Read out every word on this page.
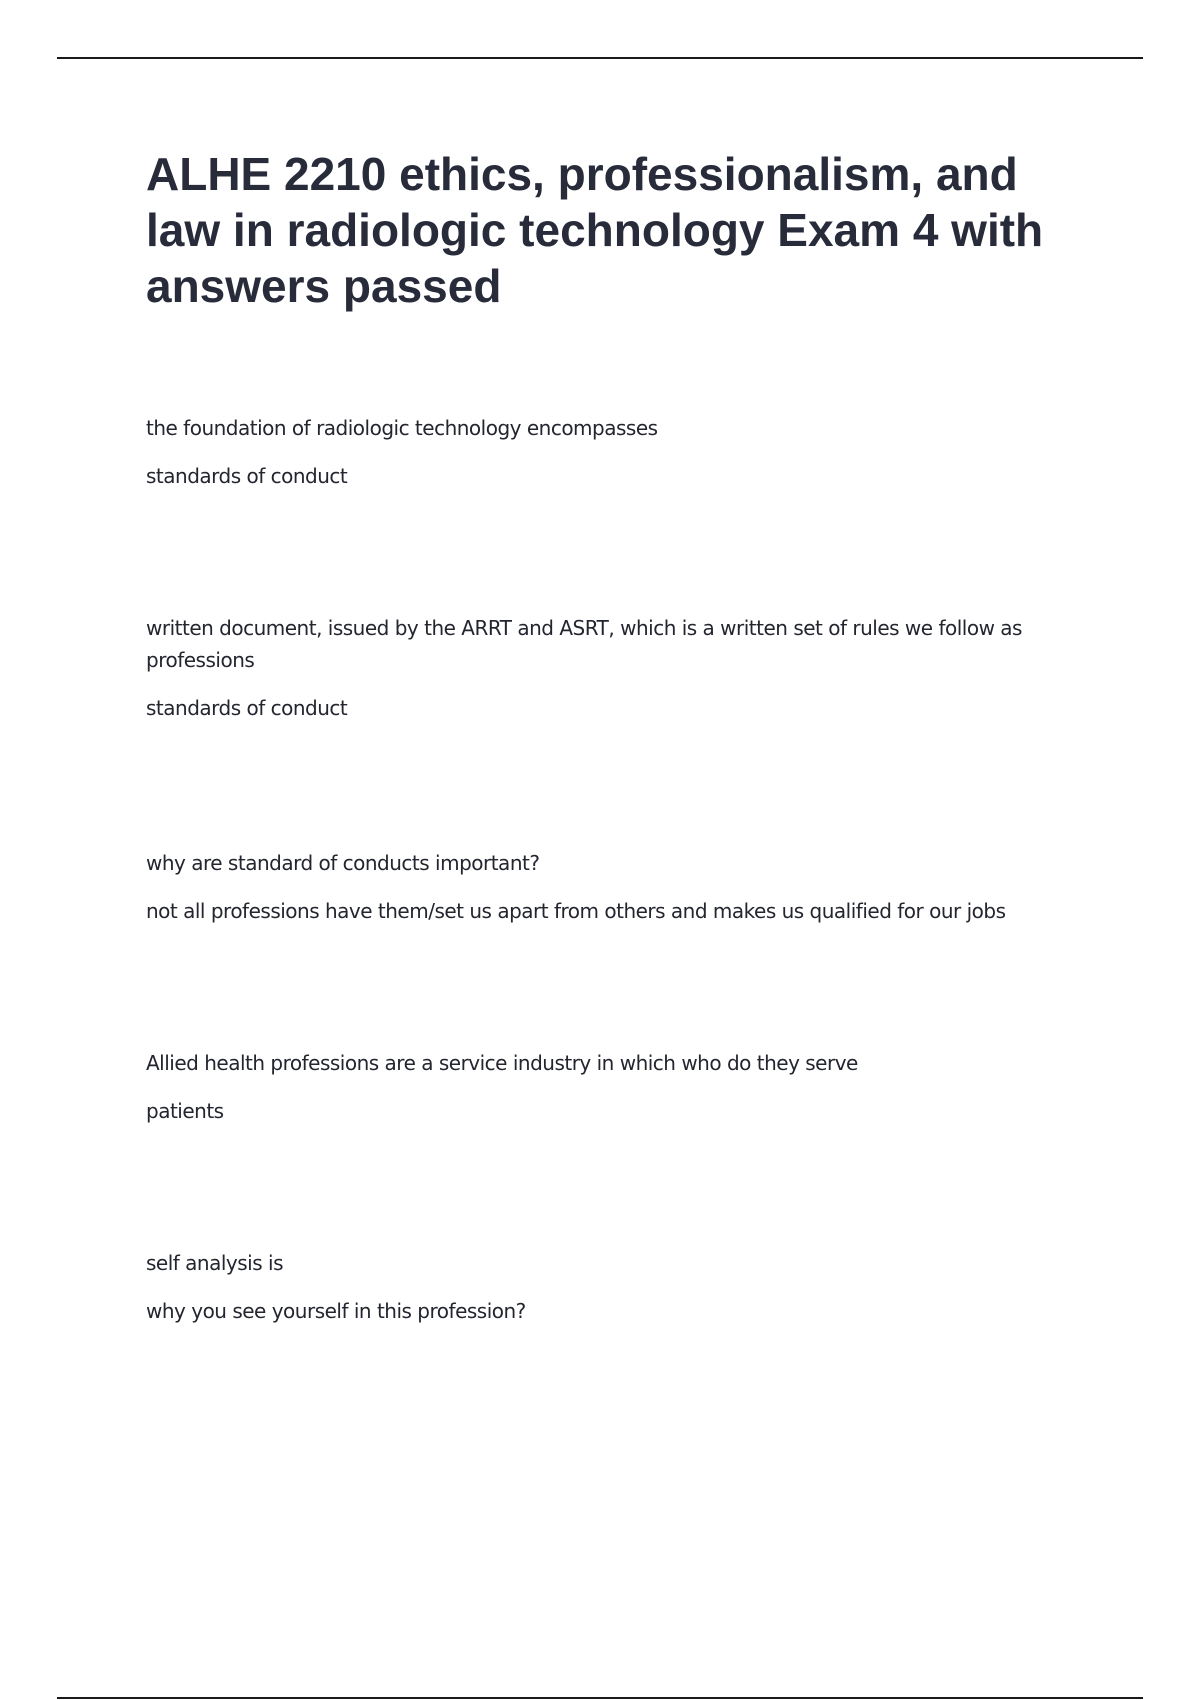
ALHE 2210 ethics, professionalism, and law in radiologic technology Exam 4 with answers passed

the foundation of radiologic technology encompasses

standards of conduct

written document, issued by the ARRT and ASRT, which is a written set of rules we follow as professions

standards of conduct

why are standard of conducts important?

not all professions have them/set us apart from others and makes us qualified for our jobs

Allied health professions are a service industry in which who do they serve

patients

self analysis is

why you see yourself in this profession?
